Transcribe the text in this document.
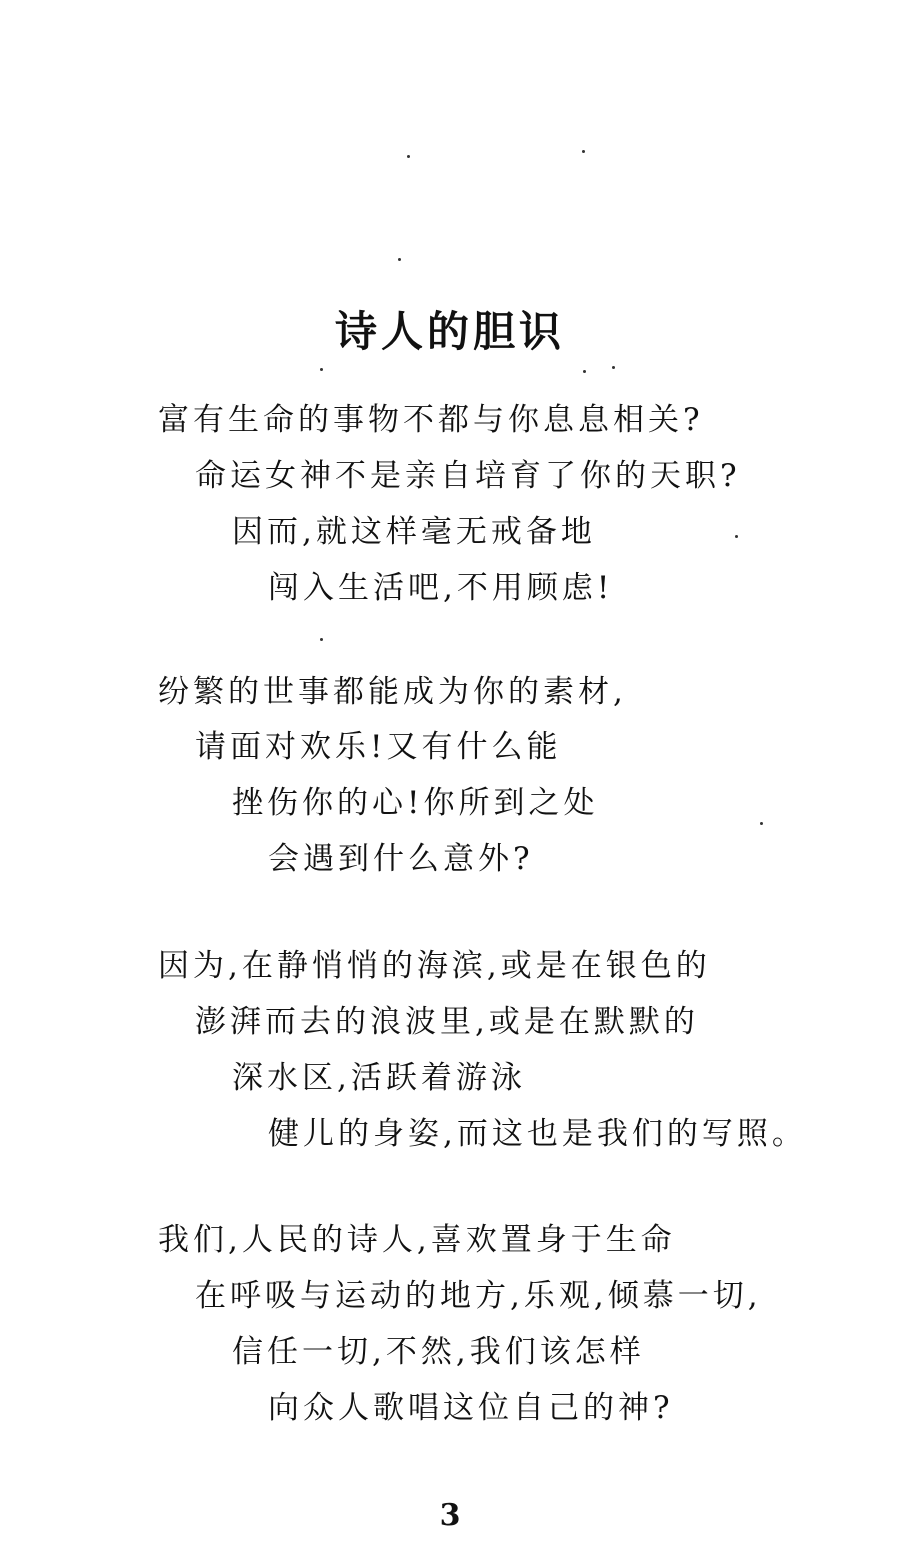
诗人的胆识
富有生命的事物不都与你息息相关?
命运女神不是亲自培育了你的天职?
因而,就这样毫无戒备地
闯入生活吧,不用顾虑!
纷繁的世事都能成为你的素材,
请面对欢乐!又有什么能
挫伤你的心!你所到之处
会遇到什么意外?
因为,在静悄悄的海滨,或是在银色的
澎湃而去的浪波里,或是在默默的
深水区,活跃着游泳
健儿的身姿,而这也是我们的写照。
我们,人民的诗人,喜欢置身于生命
在呼吸与运动的地方,乐观,倾慕一切,
信任一切,不然,我们该怎样
向众人歌唱这位自己的神?
3
